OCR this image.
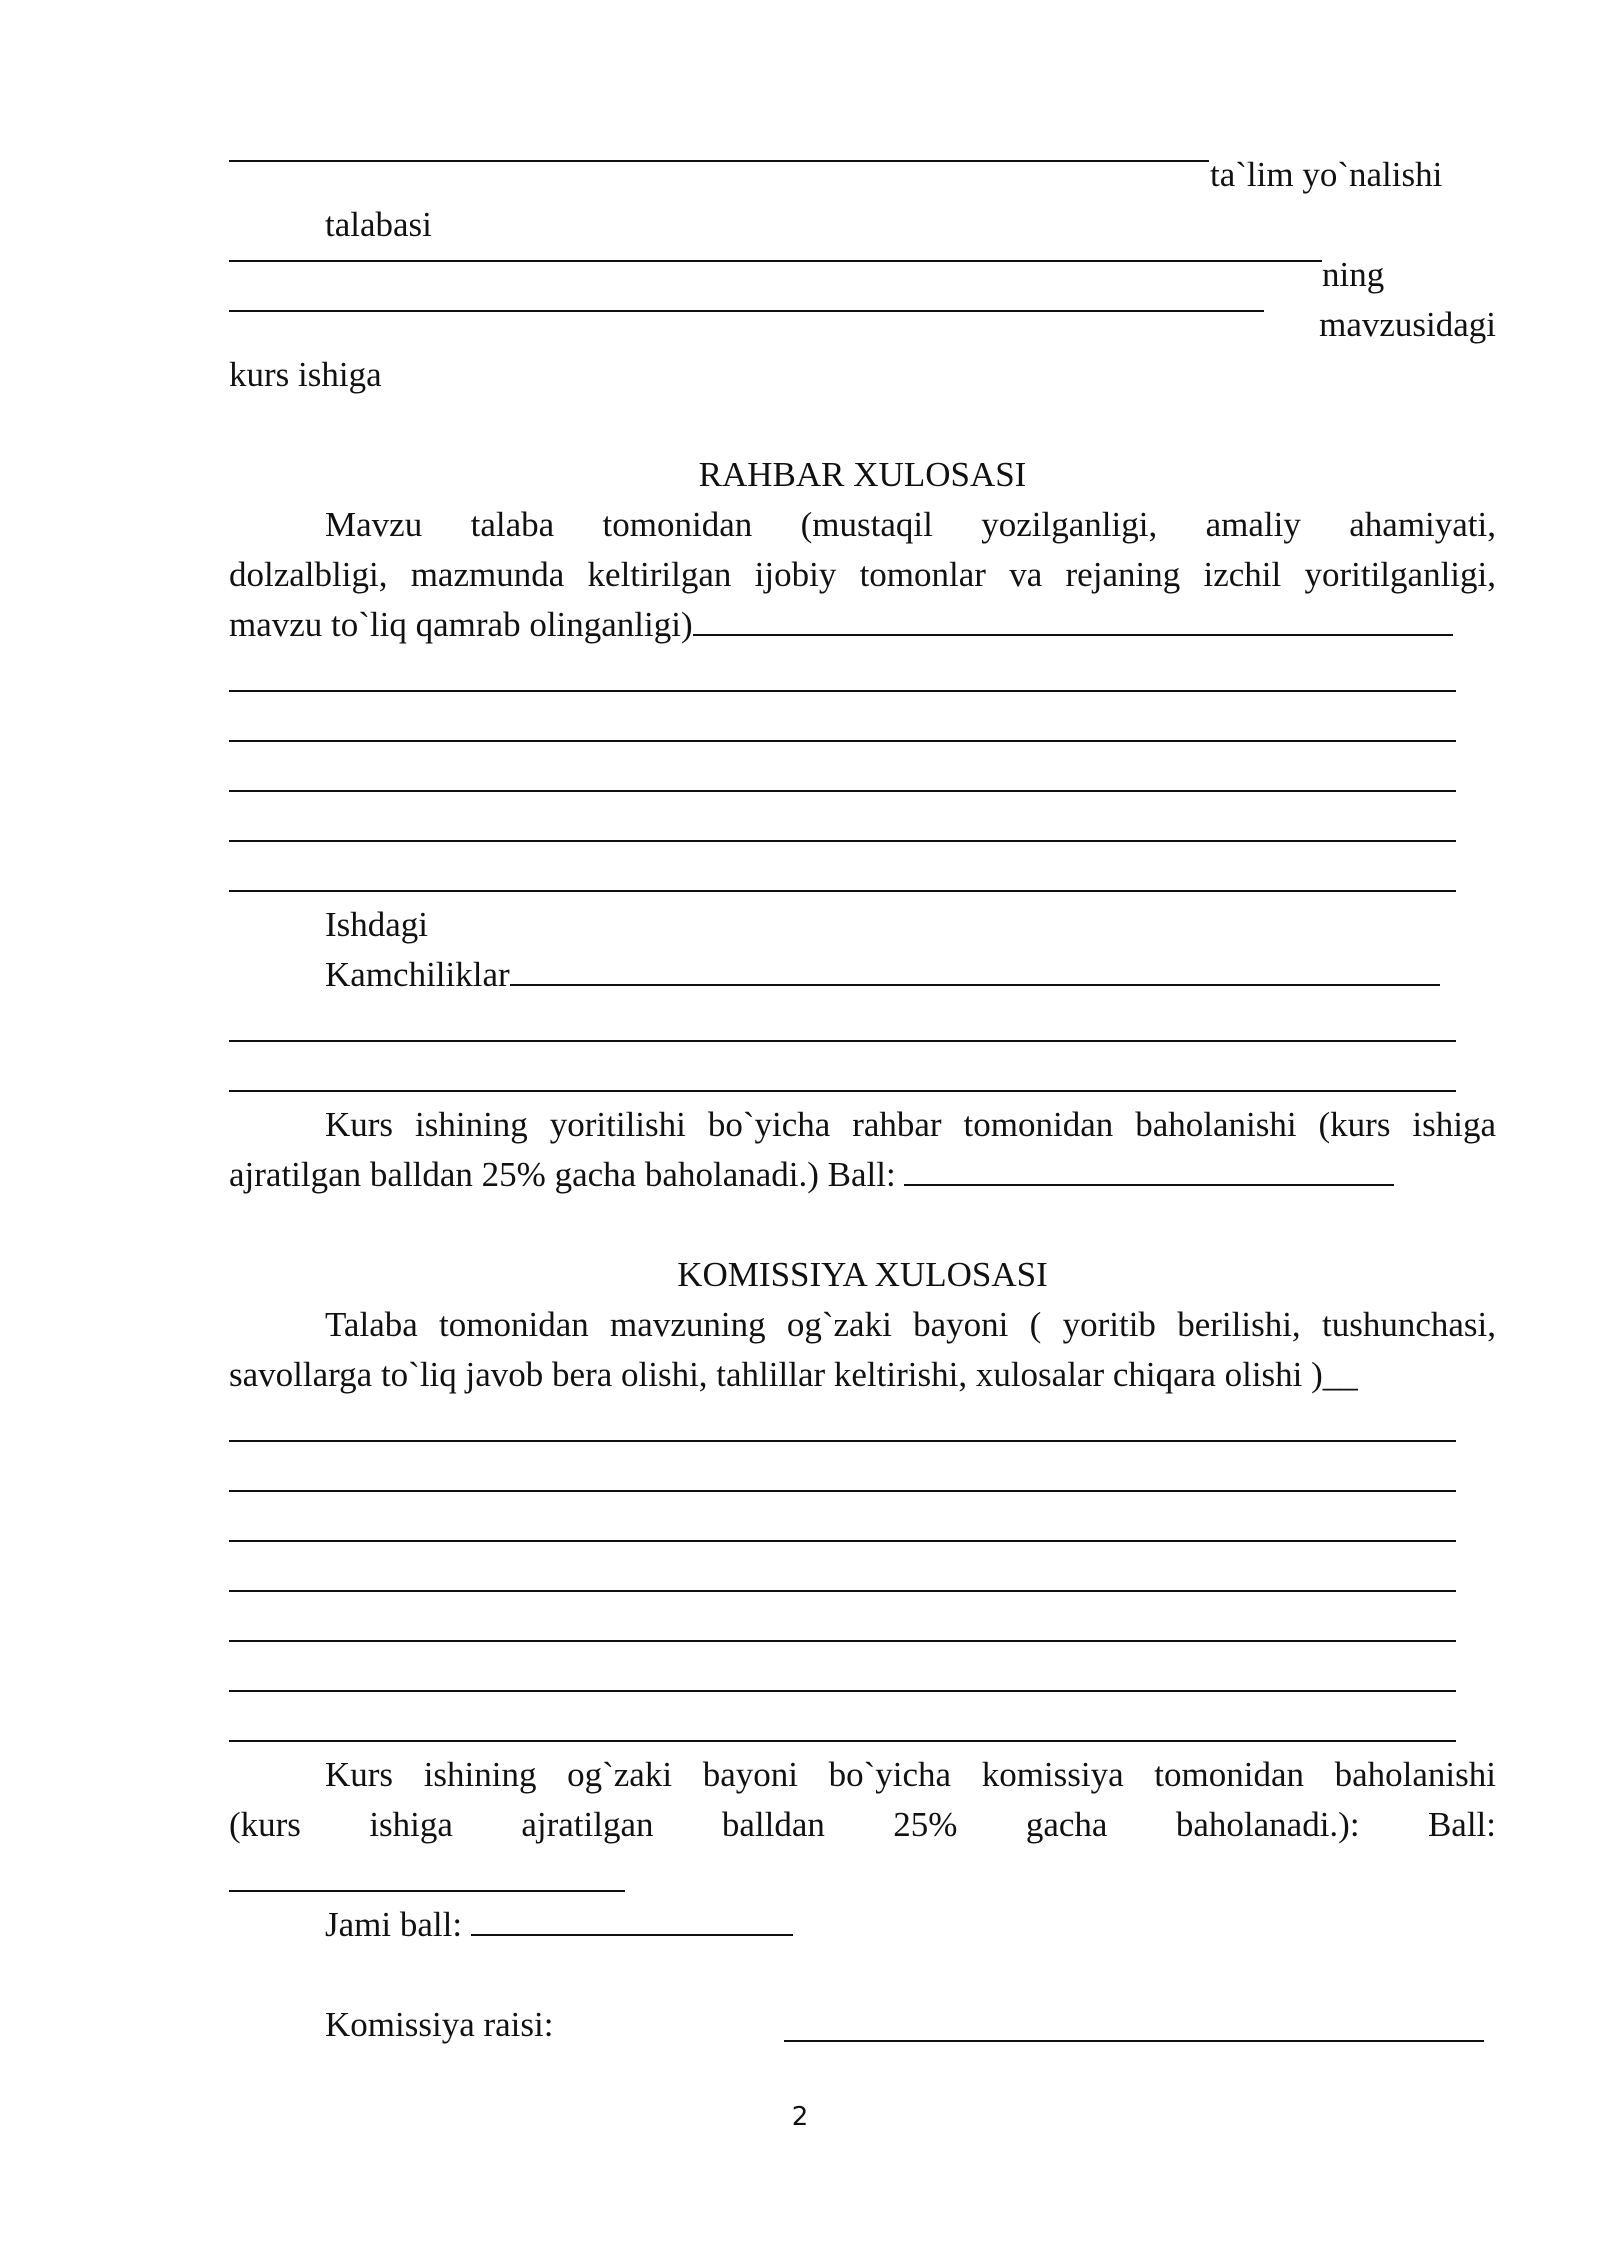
ta`lim yo`nalishi
talabasi
ning
mavzusidagi
kurs ishiga
RAHBAR XULOSASI
Mavzu talaba tomonidan (mustaqil yozilganligi, amaliy ahamiyati,
dolzalbligi, mazmunda keltirilgan ijobiy tomonlar va rejaning izchil yoritilganligi,
mavzu to`liq qamrab olinganligi)
Ishdagi
Kamchiliklar
Kurs ishining yoritilishi bo`yicha rahbar tomonidan baholanishi (kurs ishiga
ajratilgan balldan 25% gacha baholanadi.) Ball:
KOMISSIYA XULOSASI
Talaba tomonidan mavzuning og`zaki bayoni ( yoritib berilishi, tushunchasi,
savollarga to`liq javob bera olishi, tahlillar keltirishi, xulosalar chiqara olishi )__
Kurs ishining og`zaki bayoni bo`yicha komissiya tomonidan baholanishi
(kurs ishiga ajratilgan balldan 25% gacha baholanadi.): Ball:
Jami ball:
Komissiya raisi:
2
